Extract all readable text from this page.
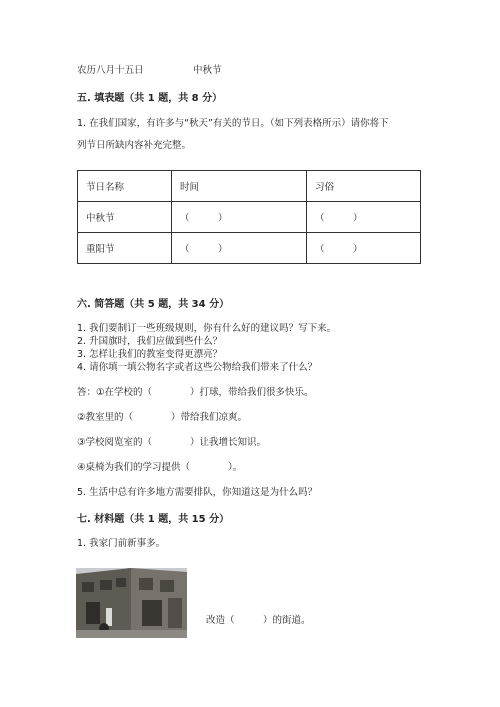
农历八月十五日	中秋节
五. 填表题（共 1 题，共 8 分）
1. 在我们国家，有许多与“秋天”有关的节日。（如下列表格所示）请你将下
列节日所缺内容补充完整。
节日名称	时间	习俗
中秋节	（　　　）	（　　　）
重阳节	（　　　）	（　　　）
六. 简答题（共 5 题，共 34 分）
1. 我们要制订一些班级规则，你有什么好的建议吗？写下来。
2. 升国旗时，我们应做到些什么？
3. 怎样让我们的教室变得更漂亮？
4. 请你填一填公物名字或者这些公物给我们带来了什么？
答：①在学校的（　　　　）打球，带给我们很多快乐。
②教室里的（　　　　）带给我们凉爽。
③学校阅览室的（　　　　）让我增长知识。
④桌椅为我们的学习提供（　　　　）。
5. 生活中总有许多地方需要排队，你知道这是为什么吗？
七. 材料题（共 1 题，共 15 分）
1. 我家门前新事多。
改造（　　　）的街道。
